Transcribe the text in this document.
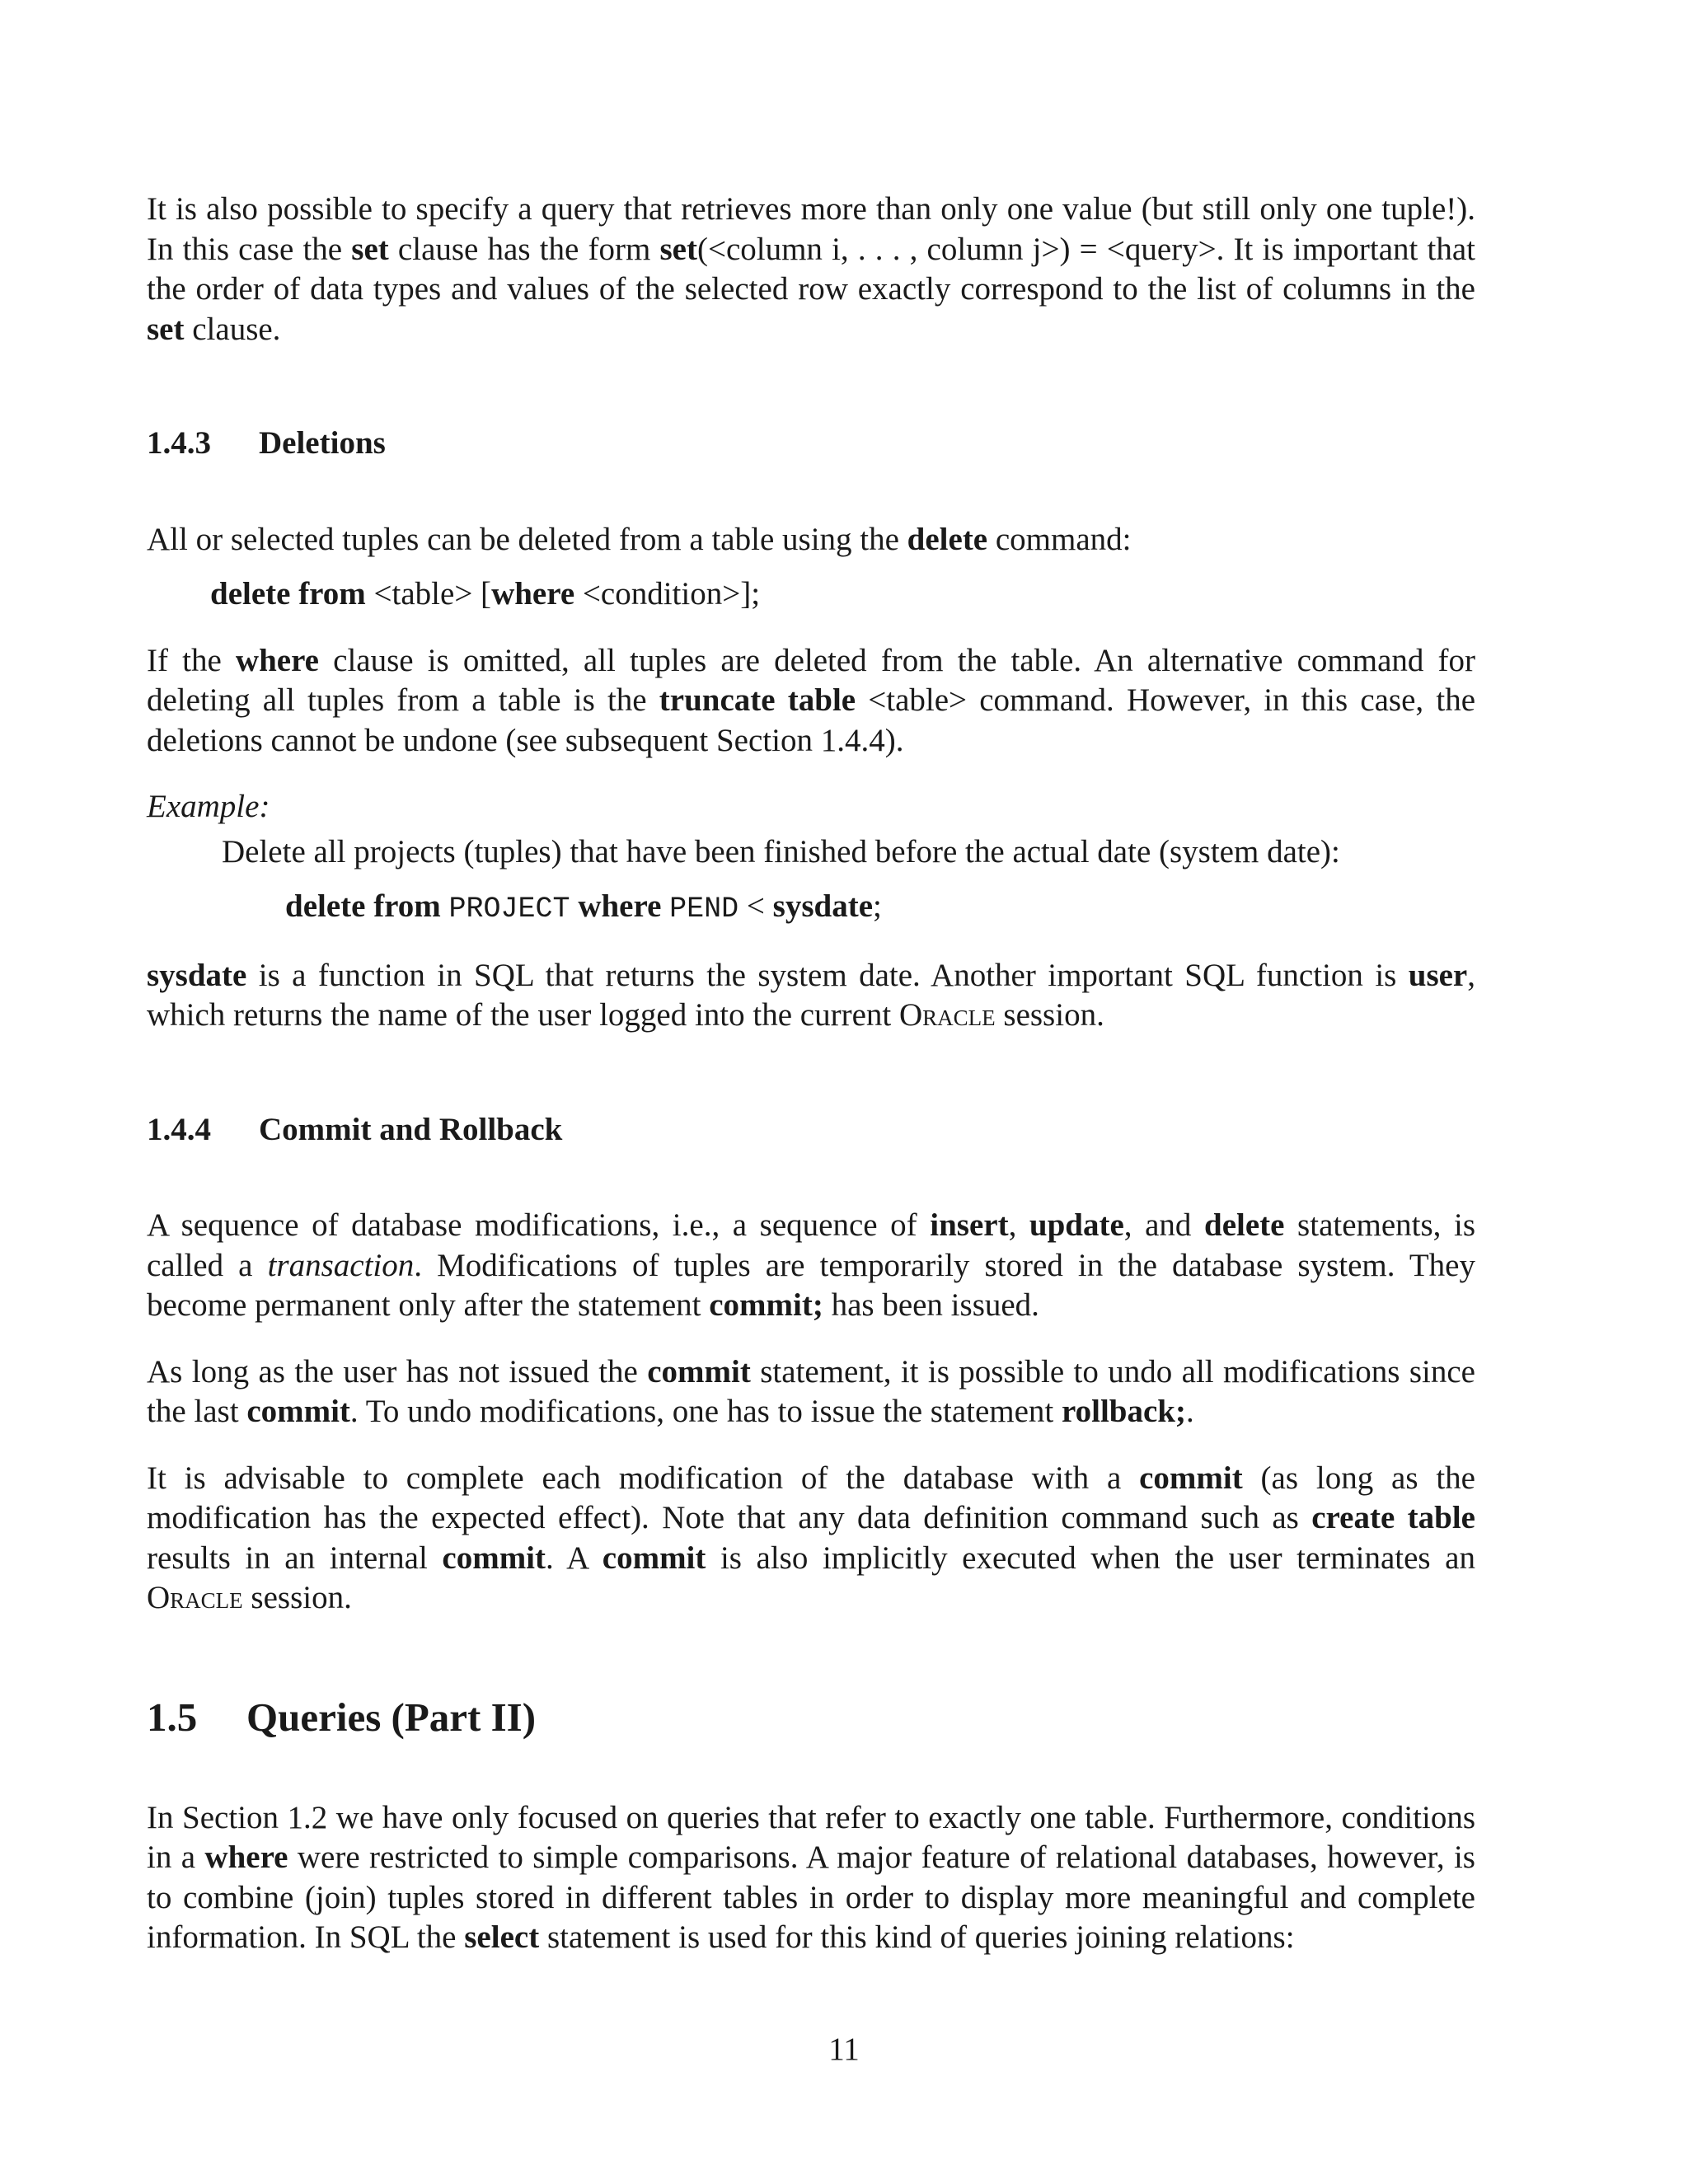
It is also possible to specify a query that retrieves more than only one value (but still only one tuple!). In this case the set clause has the form set(<column i, . . . , column j>) = <query>. It is important that the order of data types and values of the selected row exactly correspond to the list of columns in the set clause.

1.4.3 Deletions

All or selected tuples can be deleted from a table using the delete command:

delete from <table> [where <condition>];

If the where clause is omitted, all tuples are deleted from the table. An alternative command for deleting all tuples from a table is the truncate table <table> command. However, in this case, the deletions cannot be undone (see subsequent Section 1.4.4).

Example:

Delete all projects (tuples) that have been finished before the actual date (system date):

delete from PROJECT where PEND < sysdate;

sysdate is a function in SQL that returns the system date. Another important SQL function is user, which returns the name of the user logged into the current Oracle session.

1.4.4 Commit and Rollback

A sequence of database modifications, i.e., a sequence of insert, update, and delete statements, is called a transaction. Modifications of tuples are temporarily stored in the database system. They become permanent only after the statement commit; has been issued.

As long as the user has not issued the commit statement, it is possible to undo all modifications since the last commit. To undo modifications, one has to issue the statement rollback;.

It is advisable to complete each modification of the database with a commit (as long as the modification has the expected effect). Note that any data definition command such as create table results in an internal commit. A commit is also implicitly executed when the user terminates an Oracle session.

1.5 Queries (Part II)

In Section 1.2 we have only focused on queries that refer to exactly one table. Furthermore, conditions in a where were restricted to simple comparisons. A major feature of relational databases, however, is to combine (join) tuples stored in different tables in order to display more meaningful and complete information. In SQL the select statement is used for this kind of queries joining relations:

11
